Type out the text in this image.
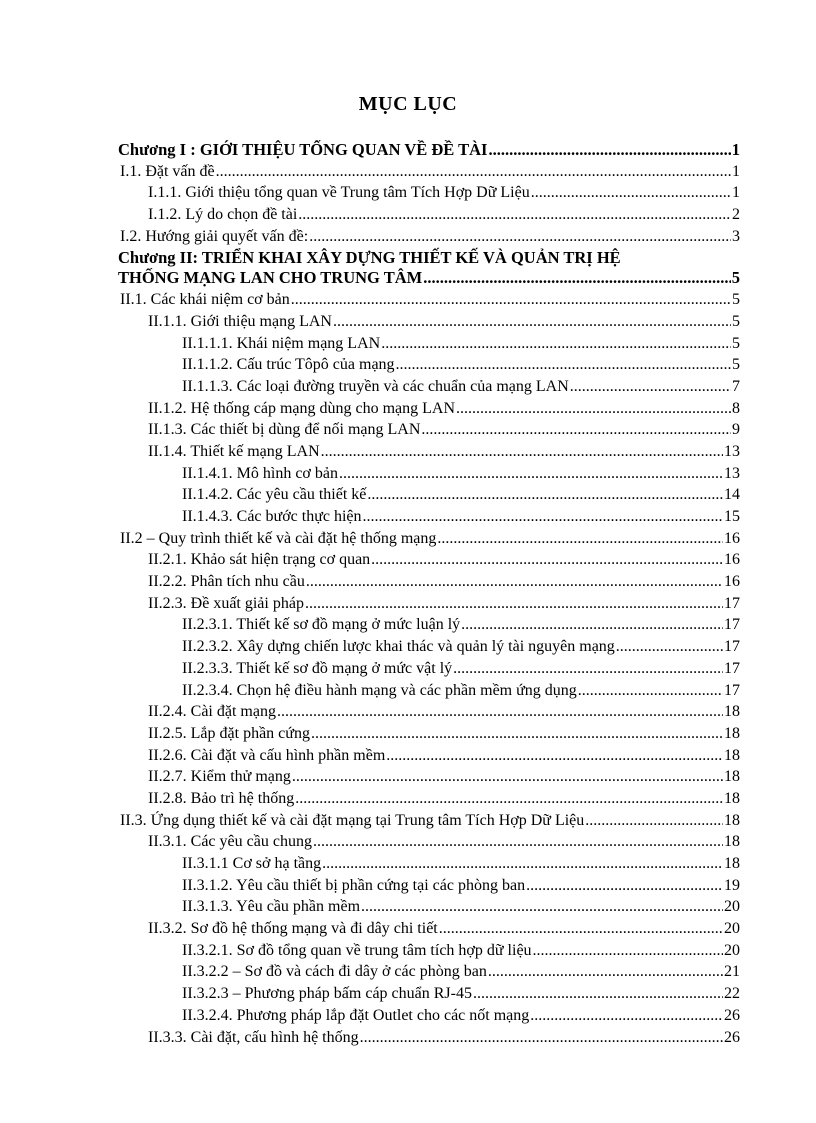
MỤC LỤC
Chương I : GIỚI THIỆU TỔNG QUAN VỀ ĐỀ TÀI .....	1
I.1. Đặt vấn đề .....	1
I.1.1. Giới thiệu tổng quan về Trung tâm Tích Hợp Dữ Liệu .....	1
I.1.2. Lý do chọn đề tài .....	2
I.2. Hướng giải quyết vấn đề: .....	3
Chương II: TRIỂN KHAI XÂY DỰNG THIẾT KẾ VÀ QUẢN TRỊ HỆ
THỐNG MẠNG LAN CHO TRUNG TÂM .....	5
II.1. Các khái niệm cơ bản .....	5
II.1.1. Giới thiệu mạng LAN .....	5
II.1.1.1. Khái niệm mạng LAN .....	5
II.1.1.2. Cấu trúc Tôpô của mạng .....	5
II.1.1.3. Các loại đường truyền và các chuẩn của mạng LAN .....	7
II.1.2. Hệ thống cáp mạng dùng cho mạng LAN .....	8
II.1.3. Các thiết bị dùng để nối mạng LAN .....	9
II.1.4. Thiết kế mạng LAN .....	13
II.1.4.1. Mô hình cơ bản .....	13
II.1.4.2. Các yêu cầu thiết kế .....	14
II.1.4.3. Các bước thực hiện .....	15
II.2 – Quy trình thiết kế và cài đặt hệ thống mạng .....	16
II.2.1. Khảo sát hiện trạng cơ quan .....	16
II.2.2. Phân tích nhu cầu .....	16
II.2.3. Đề xuất giải pháp .....	17
II.2.3.1. Thiết kế sơ đồ mạng ở mức luận lý .....	17
II.2.3.2. Xây dựng chiến lược khai thác và quản lý tài nguyên mạng .....	17
II.2.3.3. Thiết kế sơ đồ mạng ở mức vật lý .....	17
II.2.3.4. Chọn hệ điều hành mạng và các phần mềm ứng dụng .....	17
II.2.4. Cài đặt mạng .....	18
II.2.5. Lắp đặt phần cứng .....	18
II.2.6. Cài đặt và cấu hình phần mềm .....	18
II.2.7. Kiểm thử mạng .....	18
II.2.8. Bảo trì hệ thống .....	18
II.3. Ứng dụng thiết kế và cài đặt mạng tại Trung tâm Tích Hợp Dữ Liệu .....	18
II.3.1. Các yêu cầu chung .....	18
II.3.1.1 Cơ sở hạ tầng .....	18
II.3.1.2. Yêu cầu thiết bị phần cứng tại các phòng ban .....	19
II.3.1.3. Yêu cầu phần mềm .....	20
II.3.2. Sơ đồ hệ thống mạng và đi dây chi tiết .....	20
II.3.2.1. Sơ đồ tổng quan về trung tâm tích hợp dữ liệu .....	20
II.3.2.2 – Sơ đồ và cách đi dây ở các phòng ban .....	21
II.3.2.3 – Phương pháp bấm cáp chuẩn RJ-45 .....	22
II.3.2.4. Phương pháp lắp đặt Outlet cho các nốt mạng .....	26
II.3.3. Cài đặt, cấu hình hệ thống .....	26
